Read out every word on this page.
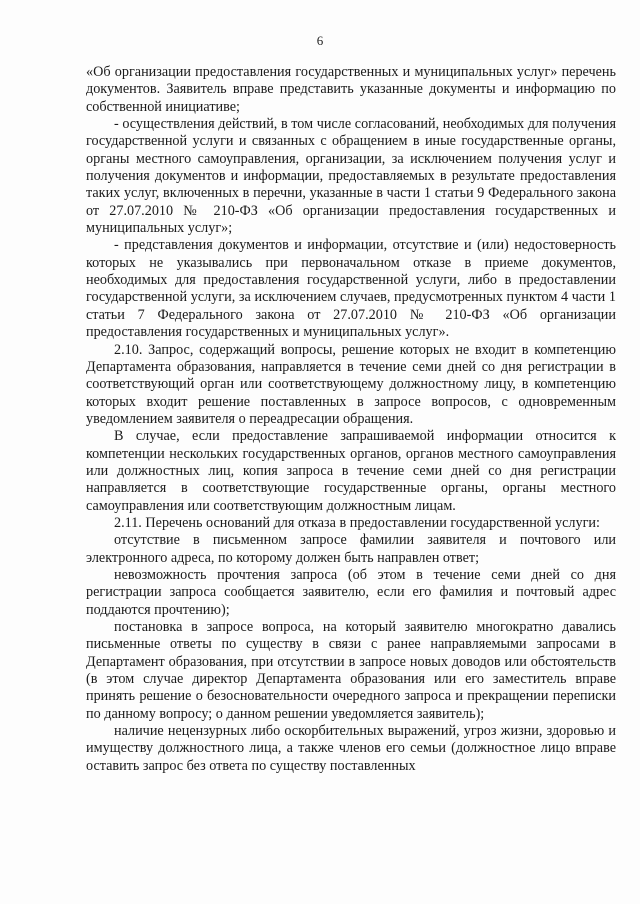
6

«Об организации предоставления государственных и муниципальных услуг» перечень документов. Заявитель вправе представить указанные документы и информацию по собственной инициативе;

- осуществления действий, в том числе согласований, необходимых для получения государственной услуги и связанных с обращением в иные государственные органы, органы местного самоуправления, организации, за исключением получения услуг и получения документов и информации, предоставляемых в результате предоставления таких услуг, включенных в перечни, указанные в части 1 статьи 9 Федерального закона от 27.07.2010 № 210-ФЗ «Об организации предоставления государственных и муниципальных услуг»;

- представления документов и информации, отсутствие и (или) недостоверность которых не указывались при первоначальном отказе в приеме документов, необходимых для предоставления государственной услуги, либо в предоставлении государственной услуги, за исключением случаев, предусмотренных пунктом 4 части 1 статьи 7 Федерального закона от 27.07.2010 № 210-ФЗ «Об организации предоставления государственных и муниципальных услуг».

2.10. Запрос, содержащий вопросы, решение которых не входит в компетенцию Департамента образования, направляется в течение семи дней со дня регистрации в соответствующий орган или соответствующему должностному лицу, в компетенцию которых входит решение поставленных в запросе вопросов, с одновременным уведомлением заявителя о переадресации обращения.

В случае, если предоставление запрашиваемой информации относится к компетенции нескольких государственных органов, органов местного самоуправления или должностных лиц, копия запроса в течение семи дней со дня регистрации направляется в соответствующие государственные органы, органы местного самоуправления или соответствующим должностным лицам.

2.11. Перечень оснований для отказа в предоставлении государственной услуги:

отсутствие в письменном запросе фамилии заявителя и почтового или электронного адреса, по которому должен быть направлен ответ;

невозможность прочтения запроса (об этом в течение семи дней со дня регистрации запроса сообщается заявителю, если его фамилия и почтовый адрес поддаются прочтению);

постановка в запросе вопроса, на который заявителю многократно давались письменные ответы по существу в связи с ранее направляемыми запросами в Департамент образования, при отсутствии в запросе новых доводов или обстоятельств (в этом случае директор Департамента образования или его заместитель вправе принять решение о безосновательности очередного запроса и прекращении переписки по данному вопросу; о данном решении уведомляется заявитель);

наличие нецензурных либо оскорбительных выражений, угроз жизни, здоровью и имуществу должностного лица, а также членов его семьи (должностное лицо вправе оставить запрос без ответа по существу поставленных
